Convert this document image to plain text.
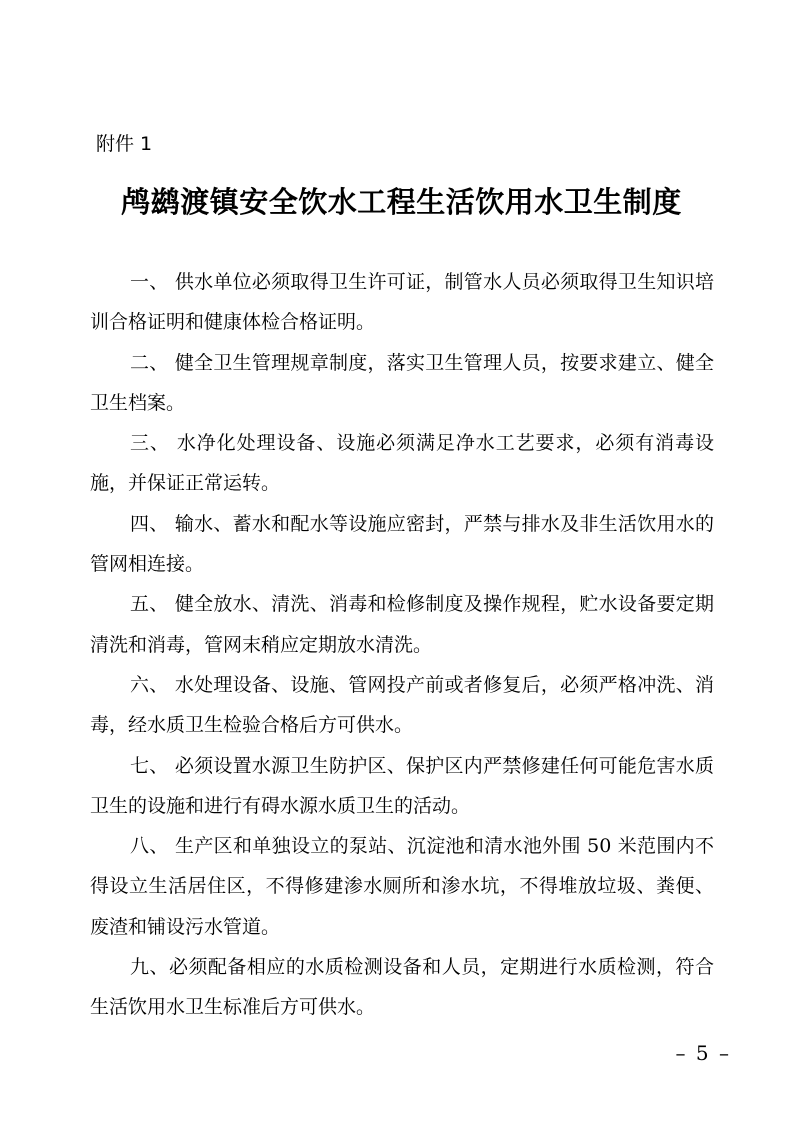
附件 1
鸬鹚渡镇安全饮水工程生活饮用水卫生制度

一、 供水单位必须取得卫生许可证，制管水人员必须取得卫生知识培训合格证明和健康体检合格证明。

二、 健全卫生管理规章制度，落实卫生管理人员，按要求建立、健全卫生档案。

三、 水净化处理设备、设施必须满足净水工艺要求，必须有消毒设施，并保证正常运转。

四、 输水、蓄水和配水等设施应密封，严禁与排水及非生活饮用水的管网相连接。

五、 健全放水、清洗、消毒和检修制度及操作规程，贮水设备要定期清洗和消毒，管网末稍应定期放水清洗。

六、 水处理设备、设施、管网投产前或者修复后，必须严格冲洗、消毒，经水质卫生检验合格后方可供水。

七、 必须设置水源卫生防护区、保护区内严禁修建任何可能危害水质卫生的设施和进行有碍水源水质卫生的活动。

八、 生产区和单独设立的泵站、沉淀池和清水池外围 50 米范围内不得设立生活居住区，不得修建渗水厕所和渗水坑，不得堆放垃圾、粪便、废渣和铺设污水管道。

九、必须配备相应的水质检测设备和人员，定期进行水质检测，符合生活饮用水卫生标准后方可供水。

– 5 –
